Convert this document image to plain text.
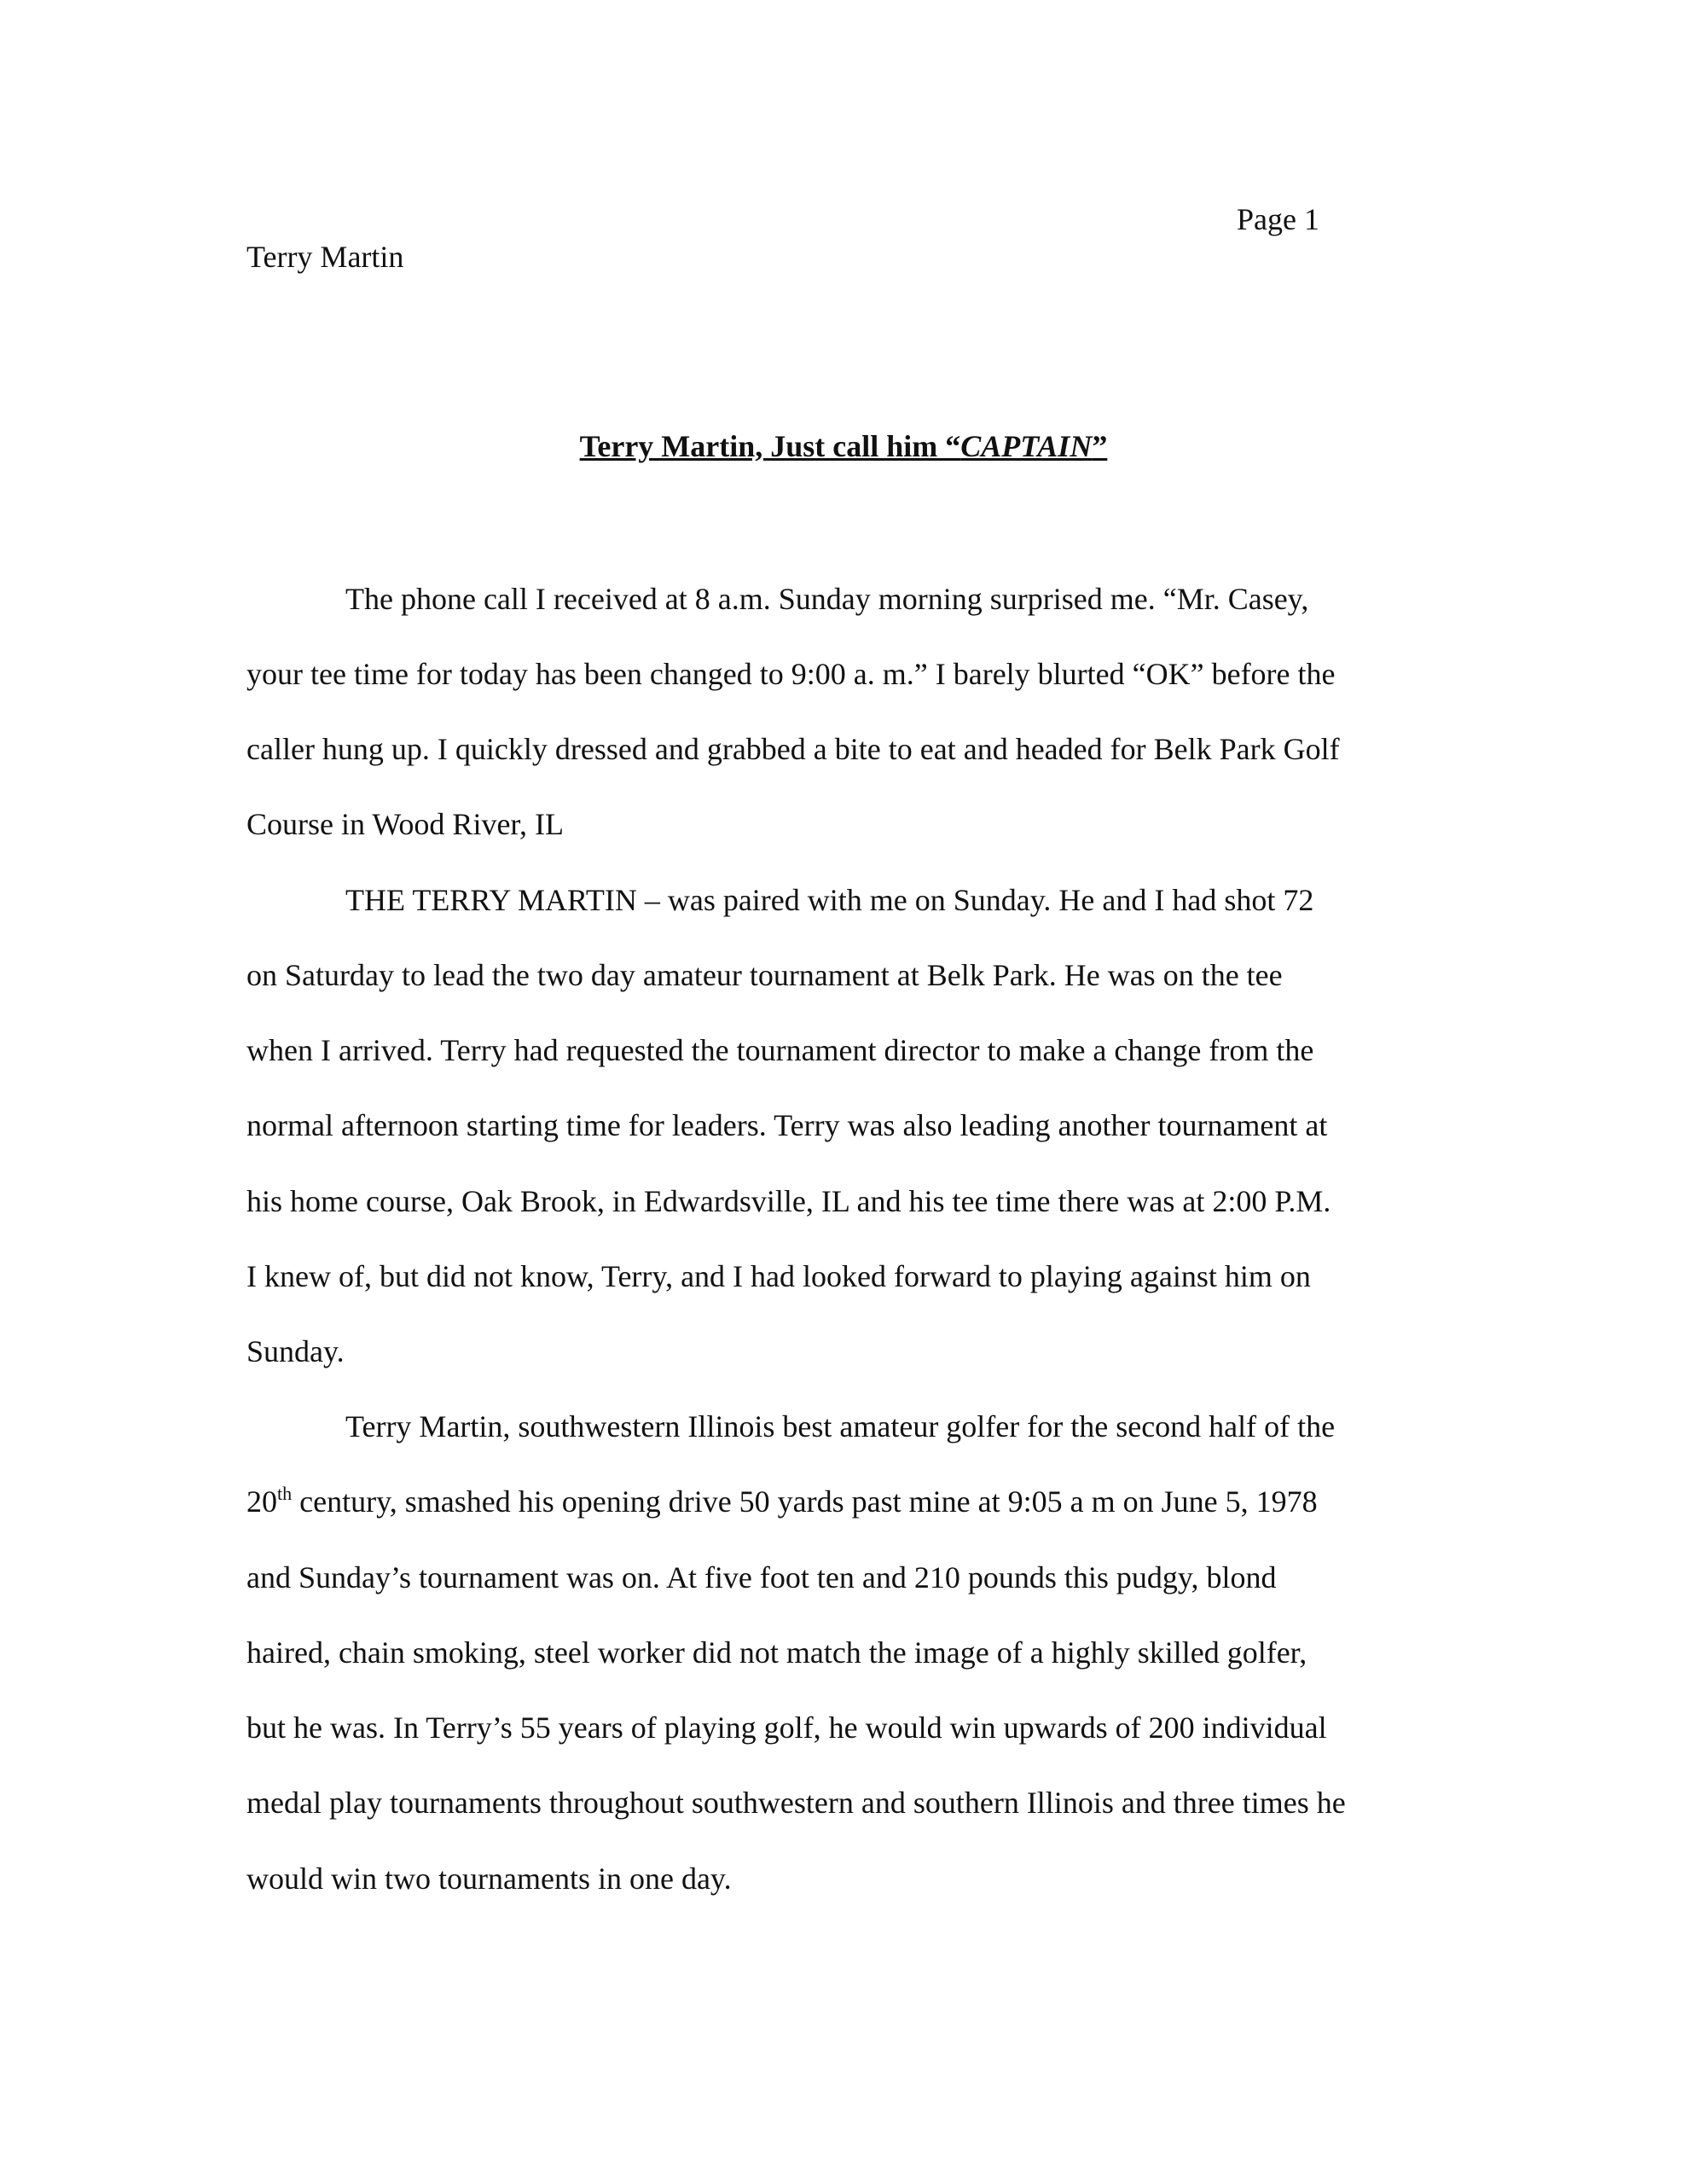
Page 1
Terry Martin
Terry Martin, Just call him “CAPTAIN”
The phone call I received at 8 a.m. Sunday morning surprised me. “Mr. Casey,
your tee time for today has been changed to 9:00 a. m.” I barely blurted “OK” before the
caller hung up. I quickly dressed and grabbed a bite to eat and headed for Belk Park Golf
Course in Wood River, IL
THE TERRY MARTIN – was paired with me on Sunday. He and I had shot 72
on Saturday to lead the two day amateur tournament at Belk Park. He was on the tee
when I arrived. Terry had requested the tournament director to make a change from the
normal afternoon starting time for leaders. Terry was also leading another tournament at
his home course, Oak Brook, in Edwardsville, IL and his tee time there was at 2:00 P.M.
I knew of, but did not know, Terry, and I had looked forward to playing against him on
Sunday.
Terry Martin, southwestern Illinois best amateur golfer for the second half of the
20th century, smashed his opening drive 50 yards past mine at 9:05 a m on June 5, 1978
and Sunday’s tournament was on. At five foot ten and 210 pounds this pudgy, blond
haired, chain smoking, steel worker did not match the image of a highly skilled golfer,
but he was. In Terry’s 55 years of playing golf, he would win upwards of 200 individual
medal play tournaments throughout southwestern and southern Illinois and three times he
would win two tournaments in one day.
